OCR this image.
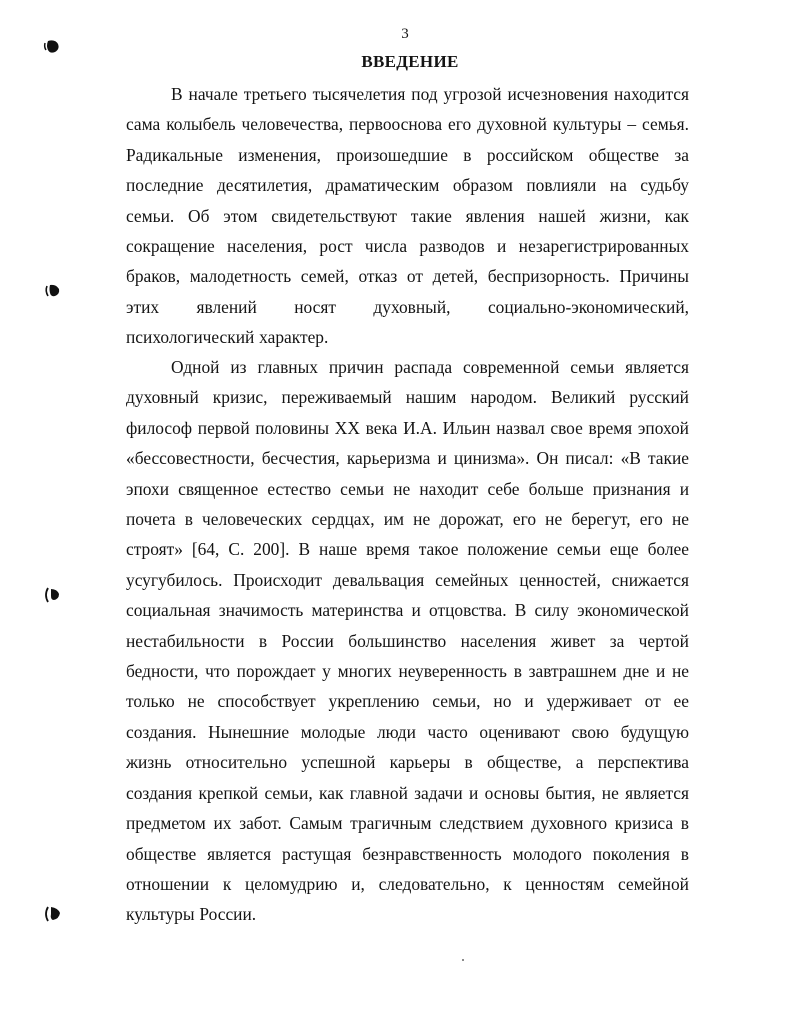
3
ВВЕДЕНИЕ

В начале третьего тысячелетия под угрозой исчезновения находится сама колыбель человечества, первооснова его духовной культуры – семья. Радикальные изменения, произошедшие в российском обществе за последние десятилетия, драматическим образом повлияли на судьбу семьи. Об этом свидетельствуют такие явления нашей жизни, как сокращение населения, рост числа разводов и незарегистрированных браков, малодетность семей, отказ от детей, беспризорность. Причины этих явлений носят духовный, социально-экономический, психологический характер.

Одной из главных причин распада современной семьи является духовный кризис, переживаемый нашим народом. Великий русский философ первой половины XX века И.А. Ильин назвал свое время эпохой «бессовестности, бесчестия, карьеризма и цинизма». Он писал: «В такие эпохи священное естество семьи не находит себе больше признания и почета в человеческих сердцах, им не дорожат, его не берегут, его не строят» [64, С. 200]. В наше время такое положение семьи еще более усугубилось. Происходит девальвация семейных ценностей, снижается социальная значимость материнства и отцовства. В силу экономической нестабильности в России большинство населения живет за чертой бедности, что порождает у многих неуверенность в завтрашнем дне и не только не способствует укреплению семьи, но и удерживает от ее создания. Нынешние молодые люди часто оценивают свою будущую жизнь относительно успешной карьеры в обществе, а перспектива создания крепкой семьи, как главной задачи и основы бытия, не является предметом их забот. Самым трагичным следствием духовного кризиса в обществе является растущая безнравственность молодого поколения в отношении к целомудрию и, следовательно, к ценностям семейной культуры России.
